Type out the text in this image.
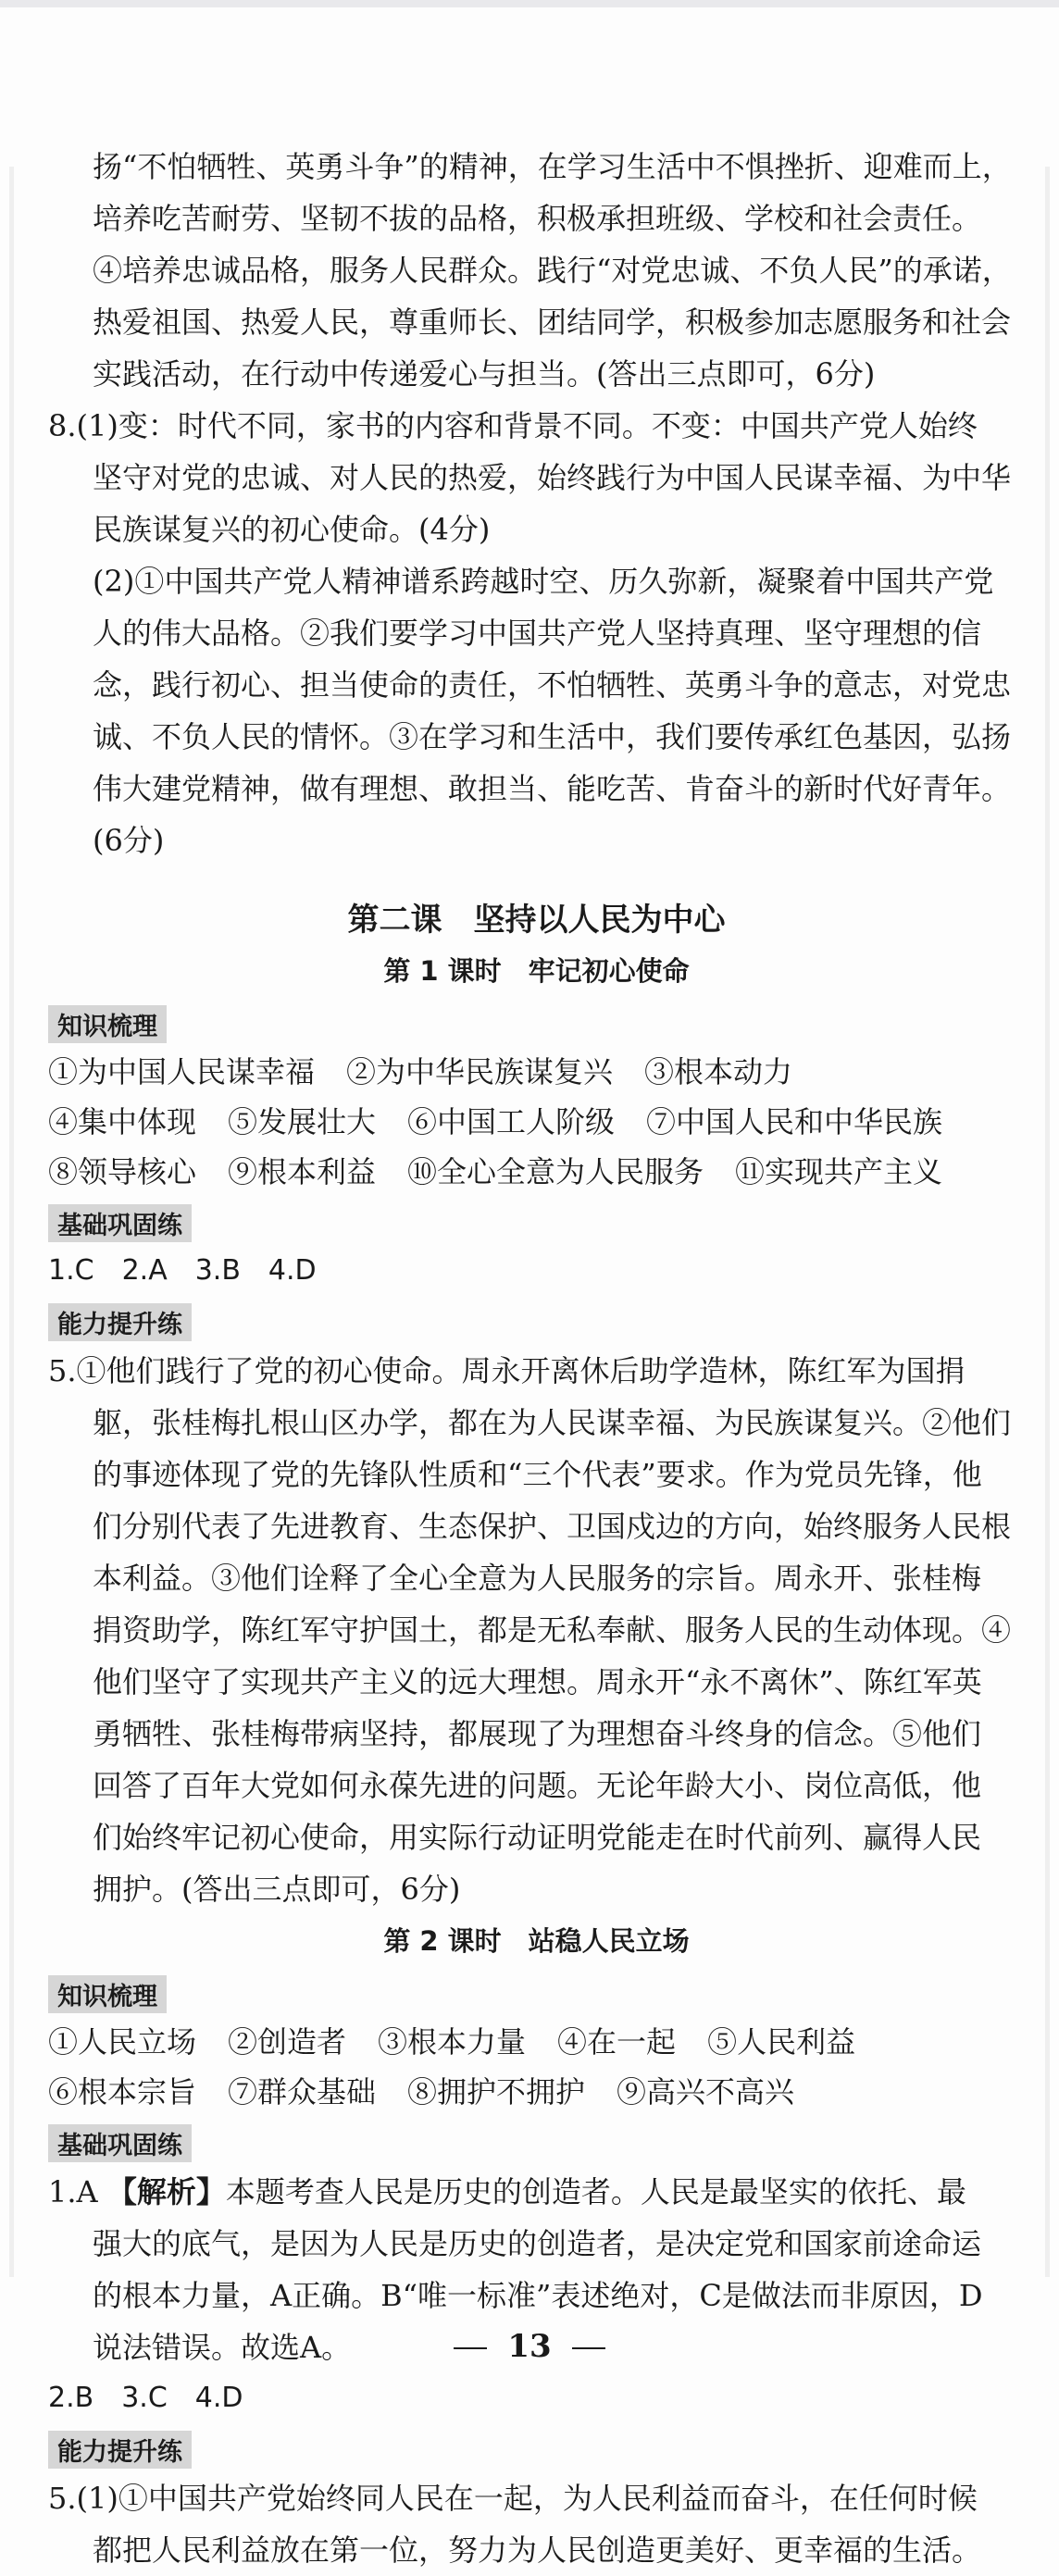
扬“不怕牺牲、英勇斗争”的精神，在学习生活中不惧挫折、迎难而上，

培养吃苦耐劳、坚韧不拔的品格，积极承担班级、学校和社会责任。

④培养忠诚品格，服务人民群众。践行“对党忠诚、不负人民”的承诺，

热爱祖国、热爱人民，尊重师长、团结同学，积极参加志愿服务和社会

实践活动，在行动中传递爱心与担当。(答出三点即可，6分)

8.(1)变：时代不同，家书的内容和背景不同。不变：中国共产党人始终

坚守对党的忠诚、对人民的热爱，始终践行为中国人民谋幸福、为中华

民族谋复兴的初心使命。(4分)

(2)①中国共产党人精神谱系跨越时空、历久弥新，凝聚着中国共产党

人的伟大品格。②我们要学习中国共产党人坚持真理、坚守理想的信

念，践行初心、担当使命的责任，不怕牺牲、英勇斗争的意志，对党忠

诚、不负人民的情怀。③在学习和生活中，我们要传承红色基因，弘扬

伟大建党精神，做有理想、敢担当、能吃苦、肯奋斗的新时代好青年。

(6分)

第二课　坚持以人民为中心
第 1 课时　牢记初心使命
知识梳理
①为中国人民谋幸福 ②为中华民族谋复兴 ③根本动力
④集中体现 ⑤发展壮大 ⑥中国工人阶级 ⑦中国人民和中华民族
⑧领导核心 ⑨根本利益 ⑩全心全意为人民服务 ⑪实现共产主义
基础巩固练
1.C　2.A　3.B　4.D
能力提升练

5.①他们践行了党的初心使命。周永开离休后助学造林，陈红军为国捐

躯，张桂梅扎根山区办学，都在为人民谋幸福、为民族谋复兴。②他们

的事迹体现了党的先锋队性质和“三个代表”要求。作为党员先锋，他

们分别代表了先进教育、生态保护、卫国戍边的方向，始终服务人民根

本利益。③他们诠释了全心全意为人民服务的宗旨。周永开、张桂梅

捐资助学，陈红军守护国土，都是无私奉献、服务人民的生动体现。④

他们坚守了实现共产主义的远大理想。周永开“永不离休”、陈红军英

勇牺牲、张桂梅带病坚持，都展现了为理想奋斗终身的信念。⑤他们

回答了百年大党如何永葆先进的问题。无论年龄大小、岗位高低，他

们始终牢记初心使命，用实际行动证明党能走在时代前列、赢得人民

拥护。(答出三点即可，6分)

第 2 课时　站稳人民立场
知识梳理
①人民立场 ②创造者 ③根本力量 ④在一起 ⑤人民利益
⑥根本宗旨 ⑦群众基础 ⑧拥护不拥护 ⑨高兴不高兴
基础巩固练

1.A 【解析】本题考查人民是历史的创造者。人民是最坚实的依托、最

强大的底气，是因为人民是历史的创造者，是决定党和国家前途命运

的根本力量，A正确。B“唯一标准”表述绝对，C是做法而非原因，D

说法错误。故选A。

2.B　3.C　4.D
能力提升练

5.(1)①中国共产党始终同人民在一起，为人民利益而奋斗，在任何时候

都把人民利益放在第一位，努力为人民创造更美好、更幸福的生活。

13
